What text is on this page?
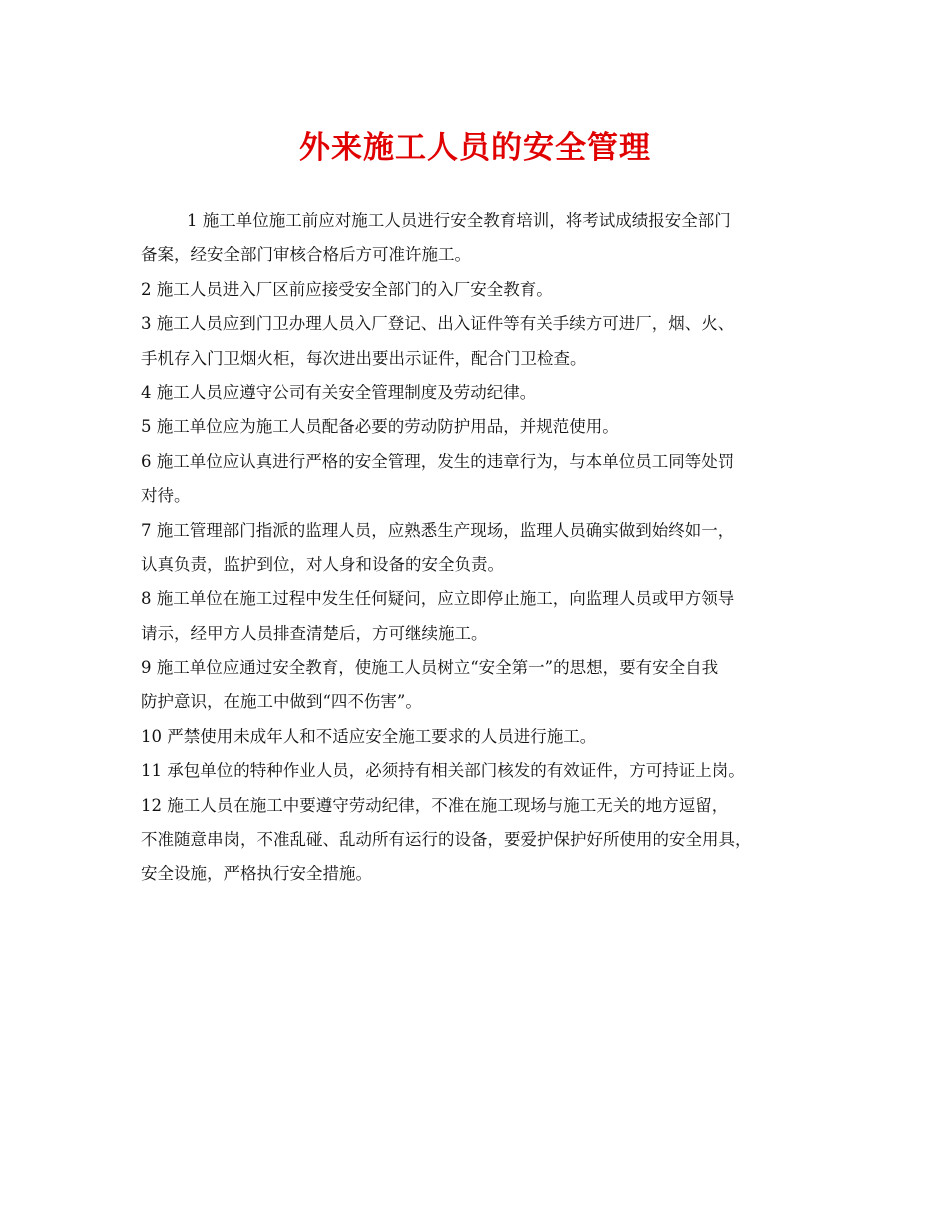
外来施工人员的安全管理
1 施工单位施工前应对施工人员进行安全教育培训，将考试成绩报安全部门
备案，经安全部门审核合格后方可准许施工。
2 施工人员进入厂区前应接受安全部门的入厂安全教育。
3 施工人员应到门卫办理人员入厂登记、出入证件等有关手续方可进厂，烟、火、
手机存入门卫烟火柜，每次进出要出示证件，配合门卫检查。
4 施工人员应遵守公司有关安全管理制度及劳动纪律。
5 施工单位应为施工人员配备必要的劳动防护用品，并规范使用。
6 施工单位应认真进行严格的安全管理，发生的违章行为，与本单位员工同等处罚
对待。
7 施工管理部门指派的监理人员，应熟悉生产现场，监理人员确实做到始终如一，
认真负责，监护到位，对人身和设备的安全负责。
8 施工单位在施工过程中发生任何疑问，应立即停止施工，向监理人员或甲方领导
请示，经甲方人员排查清楚后，方可继续施工。
9 施工单位应通过安全教育，使施工人员树立“安全第一”的思想，要有安全自我
防护意识，在施工中做到“四不伤害”。
10 严禁使用未成年人和不适应安全施工要求的人员进行施工。
11 承包单位的特种作业人员，必须持有相关部门核发的有效证件，方可持证上岗。
12 施工人员在施工中要遵守劳动纪律，不准在施工现场与施工无关的地方逗留，
不准随意串岗，不准乱碰、乱动所有运行的设备，要爱护保护好所使用的安全用具，
安全设施，严格执行安全措施。
